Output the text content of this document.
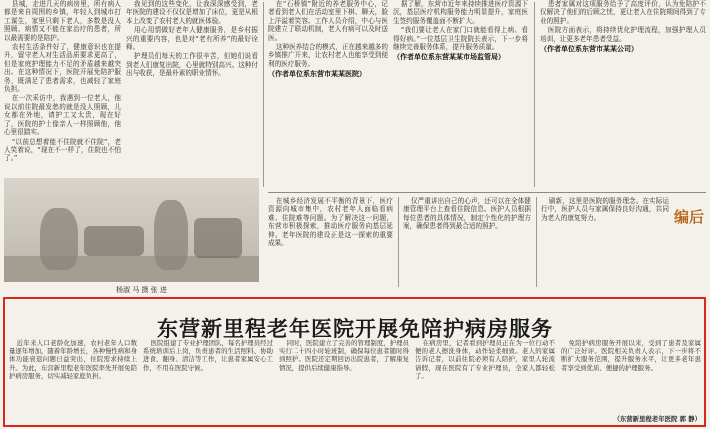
县城，走进几天的病房里，所有病人都是来自周围的乡镇，年轻人到城市打工谋生，家里只剩下老人，多数是没人照顾、病情又不能在家治疗的患者，所以最需要的是陪护。

农村生活条件好了，健康意识也在提升，留守老人对生活品质要求更高了，但是家庭护理能力不足的矛盾越来越突出。在这种情况下，医院开展免陪护服务，既满足了患者需求，也减轻了家庭负担。

在一次采访中，我遇到一位老人，他说以前住院最发愁的就是没人照顾，儿女都在外地，请护工又太贵，现在好了，医院的护士像亲人一样照顾他，他心里很踏实。

“以前总想着能不住院就不住院”，老人笑着说，“现在不一样了，住院也不怕了。”

我见到的这些变化，让我深深感受到，老年医院的建设不仅仅是增加了床位，更是从根本上改变了农村老人的就医体验。

用心用情做好老年人健康服务，是乡村振兴的重要内容，也是对“老有所养”的最好诠释。

护理员们每天的工作很辛苦，但她们说看到老人们康复出院，心里就特别高兴。这种付出与收获，是最朴素的职业情怀。

在“石桥镇”附近的养老服务中心，记者看到老人们在活动室里下棋、聊天，脸上洋溢着笑容。工作人员介绍，中心与医院建立了联动机制，老人有病可以及时送医。

这种医养结合的模式，正在越来越多的乡镇推广开来，让农村老人也能享受到便利的医疗服务。

（作者单位系东营市某某医院）

据了解，东营市近年来持续推进医疗资源下沉，基层医疗机构服务能力明显提升，家庭医生签约服务覆盖面不断扩大。

“我们要让老人在家门口就能看得上病、看得好病。”一位基层卫生院院长表示，下一步将继续完善服务体系，提升服务质量。

（作者单位系东营某某市场监管局）

患者家属对这项服务给予了高度评价，认为免陪护不仅解决了他们的后顾之忧，更让老人在住院期间得到了专业的照护。

医院方面表示，将持续优化护理流程，加强护理人员培训，让更多老年患者受益。

（作者单位系东营市某某公司）
杨淑 马 摄 张 进

在城乡经济发展不平衡的背景下，医疗资源向城市集中，农村老年人面临看病难、住院难等问题。为了解决这一问题，东营市积极探索，推动医疗服务向基层延伸。老年医院的建设正是这一探索的重要成果。

仅严重讲出自己的心声，还可以在全体健康管理平台上查看住院信息。医护人员根据每位患者的具体情况，制定个性化的护理方案，确保患者得到最合适的照护。

刷新，这里是医院的服务理念。在实际运行中，医护人员与家属保持良好沟通，共同为老人的康复努力。	编后
东营新里程老年医院开展免陪护病房服务

近年来人口老龄化加速，农村老年人口数量逐年增加，随着年龄增长，各种慢性病和身体功能衰退问题日益突出，住院需求持续上升。为此，东营新里程老年医院率先开展免陪护病房服务，切实减轻家庭负担。

医院组建了专业护理团队，每名护理员经过系统培训后上岗，负责患者的生活照料、协助进食、翻身、清洁等工作，让患者家属安心工作，不用在医院守候。

同时，医院建立了完善的管理制度，护理员实行二十四小时轮班制，确保每位患者随时得到照护。医院还定期回访出院患者，了解康复情况，提供后续健康指导。

在病房里，记者看到护理员正在为一位行动不便的老人擦洗身体，动作轻柔细致。老人的家属告诉记者，以前住院必须有人陪护，家里人轮流请假，现在医院有了专业护理员，全家人都轻松了。

免陪护病房服务开展以来，受到了患者及家属的广泛好评。医院相关负责人表示，下一步将不断扩大服务范围，提升服务水平，让更多老年患者享受到优质、便捷的护理服务。

（东营新里程老年医院 郭 静）
